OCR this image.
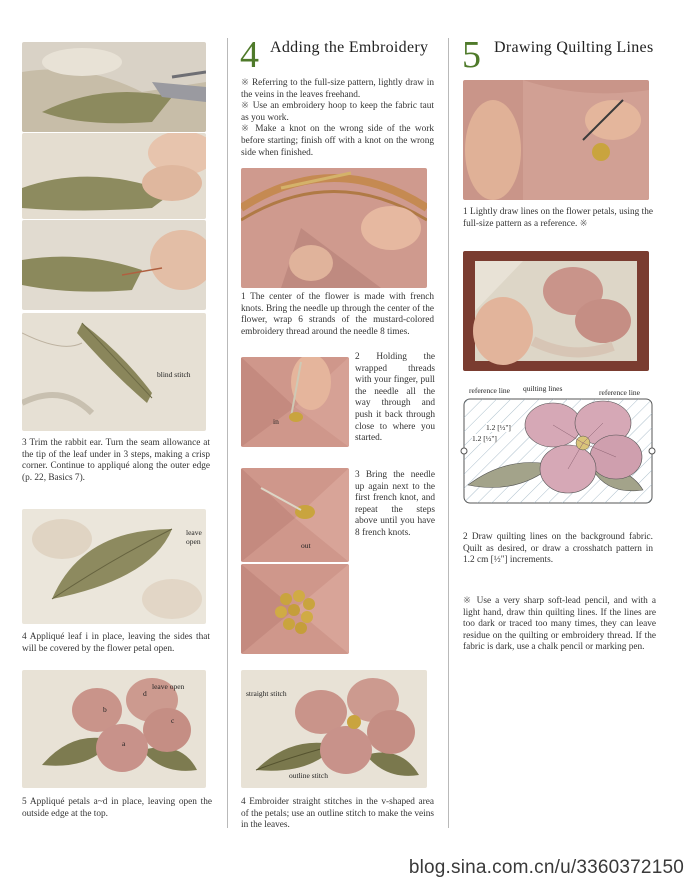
blind stitch
3 Trim the rabbit ear. Turn the seam allowance at the tip of the leaf under in 3 steps, making a crisp corner. Continue to appliqué along the outer edge (p. 22, Basics 7).
leave open
4 Appliqué leaf i in place, leaving the sides that will be covered by the flower petal open.
b
d
leave open
c
a
5 Appliqué petals a~d in place, leaving open the outside edge at the top.
4 Adding the Embroidery
※ Referring to the full-size pattern, lightly draw in the veins in the leaves freehand.
※ Use an embroidery hoop to keep the fabric taut as you work.
※ Make a knot on the wrong side of the work before starting; finish off with a knot on the wrong side when finished.
1 The center of the flower is made with french knots. Bring the needle up through the center of the flower, wrap 6 strands of the mustard-colored embroidery thread around the needle 8 times.
in
2 Holding the wrapped threads with your finger, pull the needle all the way through and push it back through close to where you started.
out
3 Bring the needle up again next to the first french knot, and repeat the steps above until you have 8 french knots.
straight stitch
outline stitch
4 Embroider straight stitches in the v-shaped area of the petals; use an outline stitch to make the veins in the leaves.
5 Drawing Quilting Lines
1 Lightly draw lines on the flower petals, using the full-size pattern as a reference. ※
reference line quilting lines	reference line
1.2 [½"]
1.2 [½"]
2 Draw quilting lines on the background fabric. Quilt as desired, or draw a crosshatch pattern in 1.2 cm [½"] increments.
※ Use a very sharp soft-lead pencil, and with a light hand, draw thin quilting lines. If the lines are too dark or traced too many times, they can leave residue on the quilting or embroidery thread. If the fabric is dark, use a chalk pencil or marking pen.
blog.sina.com.cn/u/3360372150
